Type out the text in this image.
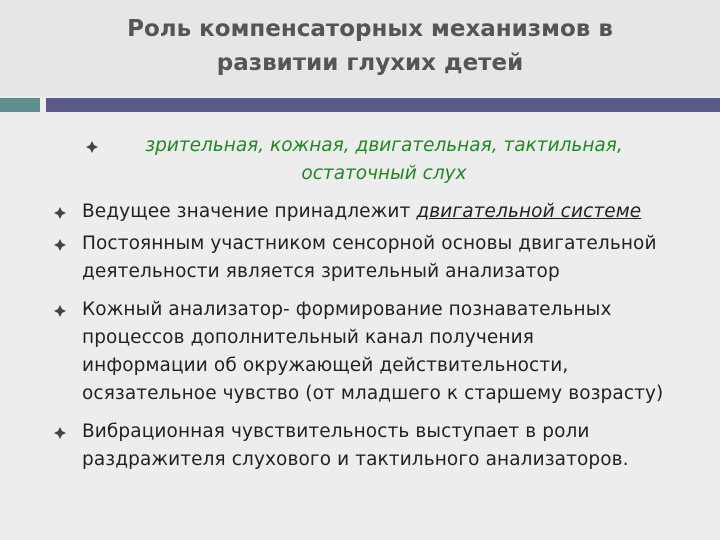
Роль компенсаторных механизмов в
развитии глухих детей
зрительная, кожная, двигательная, тактильная,
остаточный слух
Ведущее значение принадлежит двигательной системе
Постоянным участником сенсорной основы двигательной
деятельности является зрительный анализатор
Кожный анализатор- формирование познавательных
процессов дополнительный канал получения
информации об окружающей действительности,
осязательное чувство (от младшего к старшему возрасту)
Вибрационная чувствительность выступает в роли
раздражителя слухового и тактильного анализаторов.
